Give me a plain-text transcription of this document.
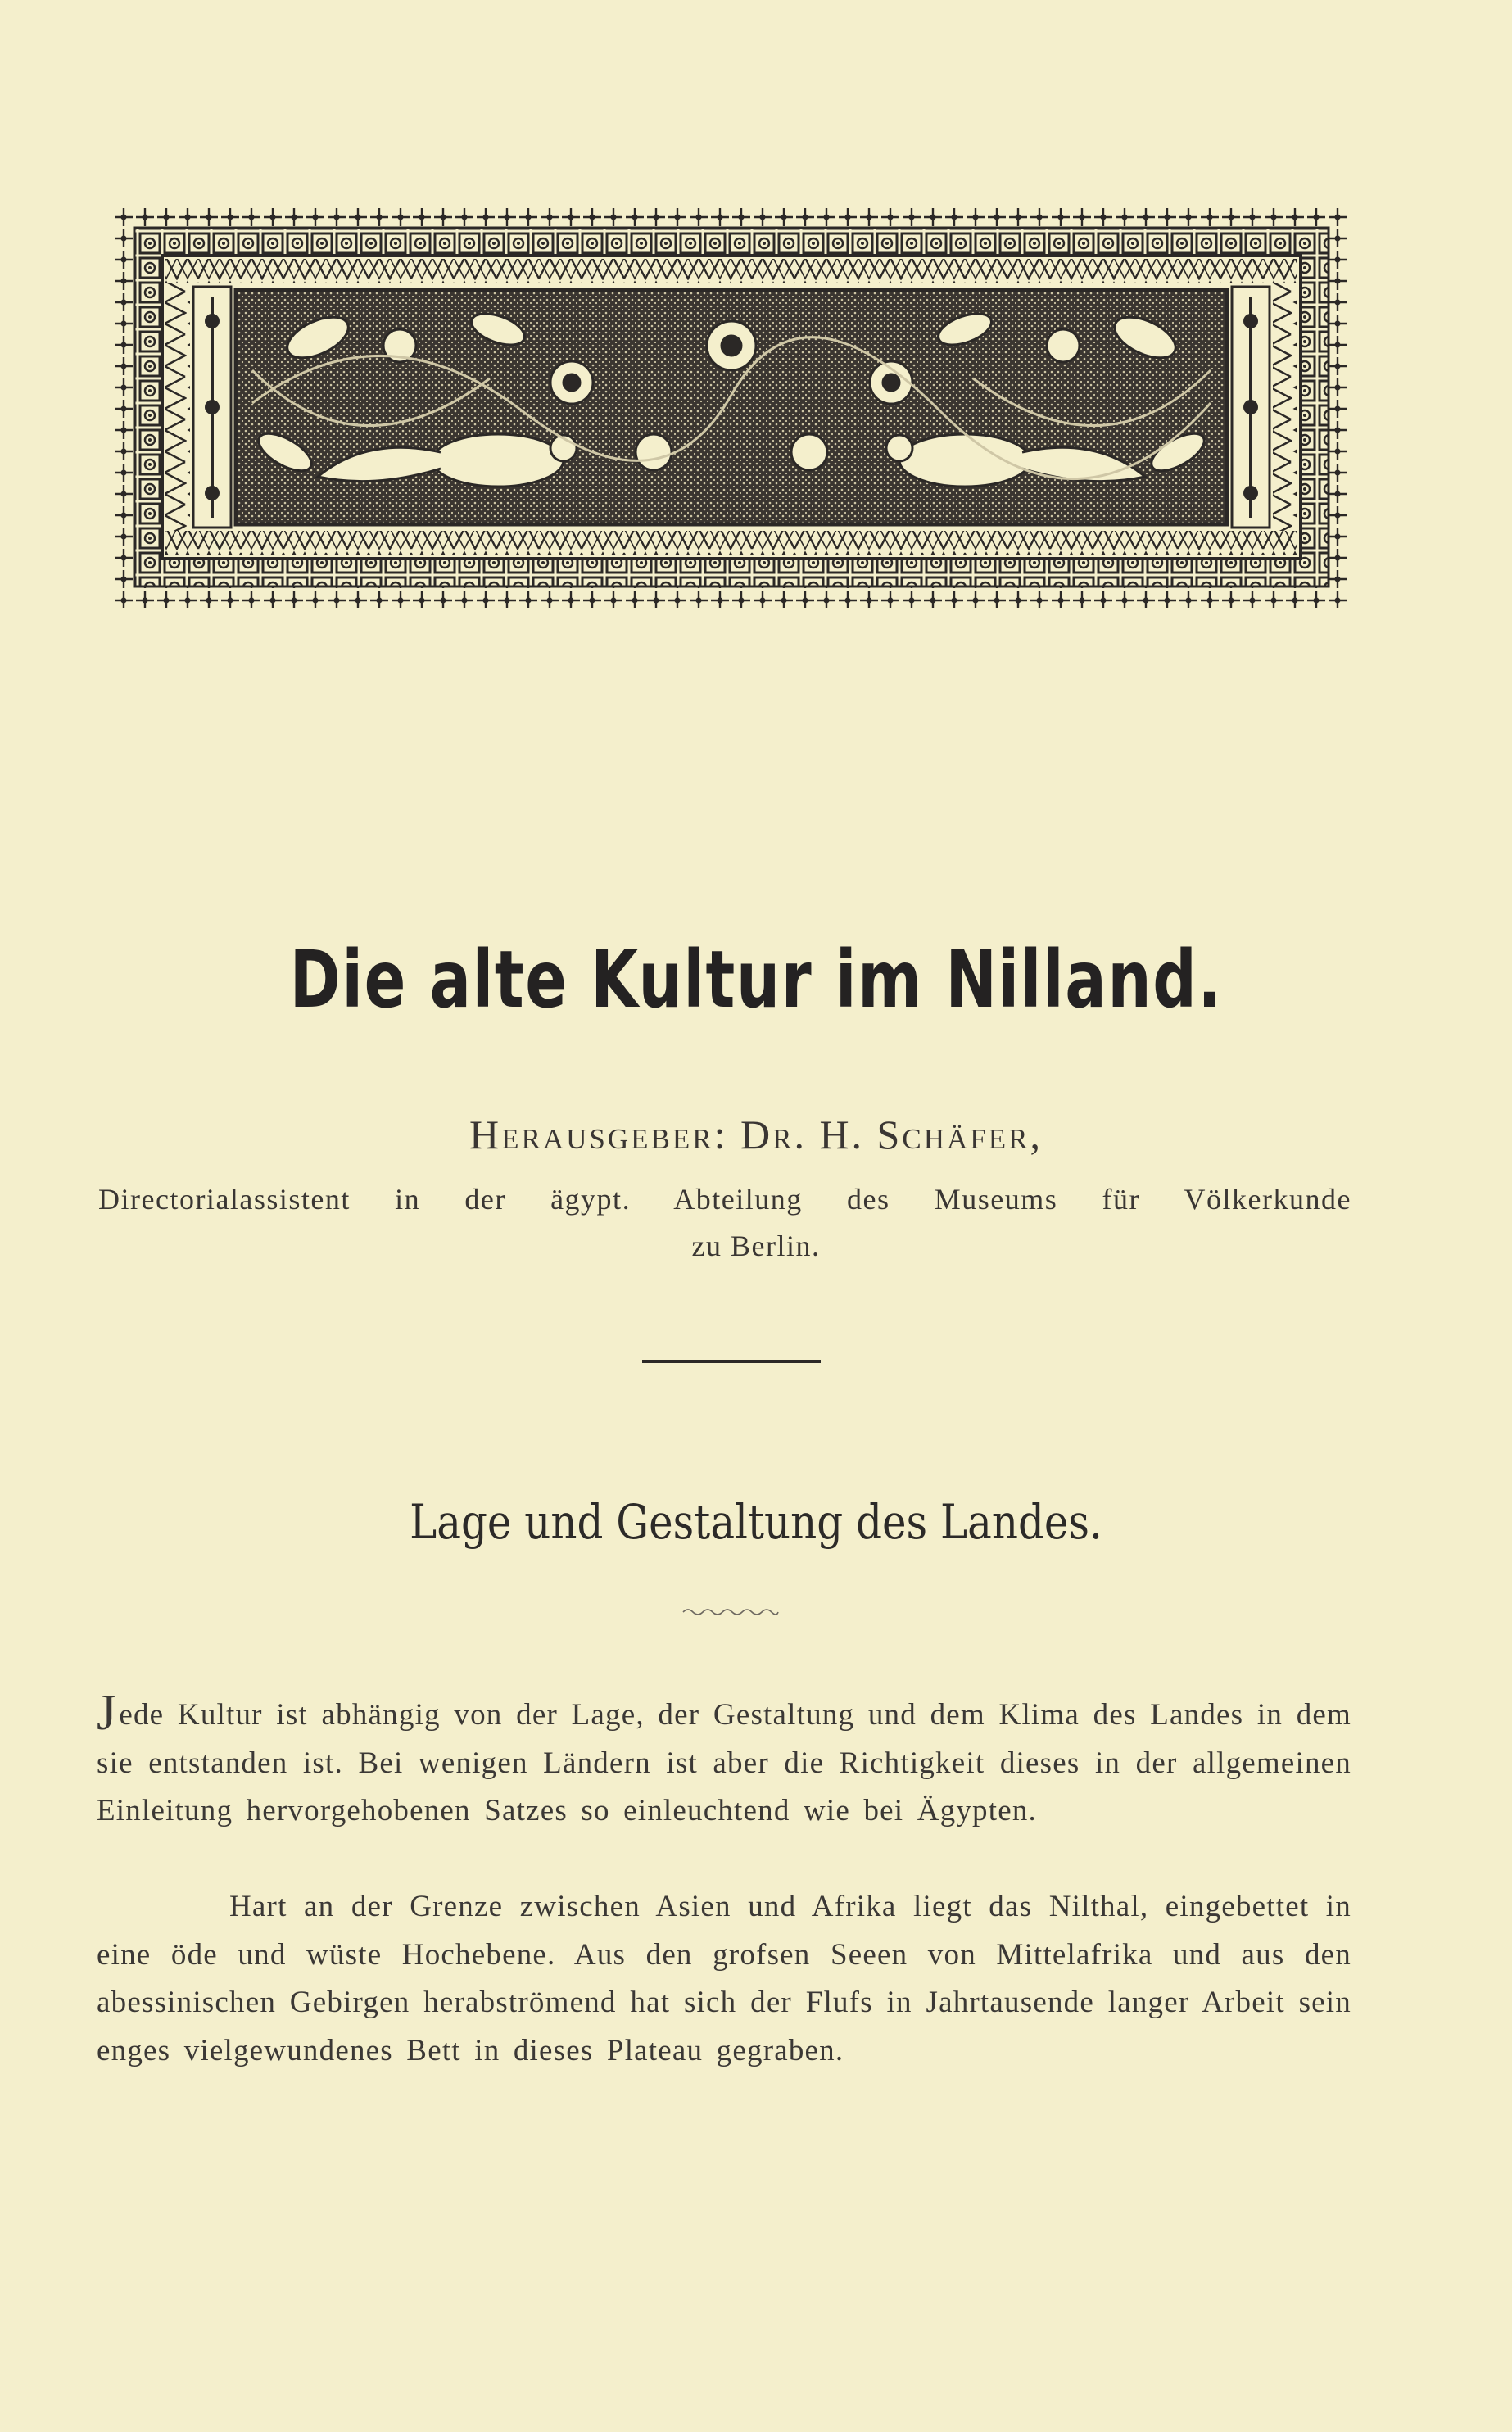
Die alte Kultur im Nilland.
Herausgeber: Dr. H. Schäfer,
Directorialassistent in der ägypt. Abteilung des Museums für Völkerkunde
zu Berlin.
Lage und Gestaltung des Landes.

Jede Kultur ist abhängig von der Lage, der Gestaltung und dem Klima des Landes in dem sie entstanden ist. Bei wenigen Ländern ist aber die Richtigkeit dieses in der allgemeinen Einleitung hervorgehobenen Satzes so einleuchtend wie bei Ägypten.

Hart an der Grenze zwischen Asien und Afrika liegt das Nilthal, eingebettet in eine öde und wüste Hochebene. Aus den grofsen Seeen von Mittelafrika und aus den abessinischen Gebirgen herabströmend hat sich der Flufs in Jahrtausende langer Arbeit sein enges vielgewundenes Bett in dieses Plateau gegraben.
